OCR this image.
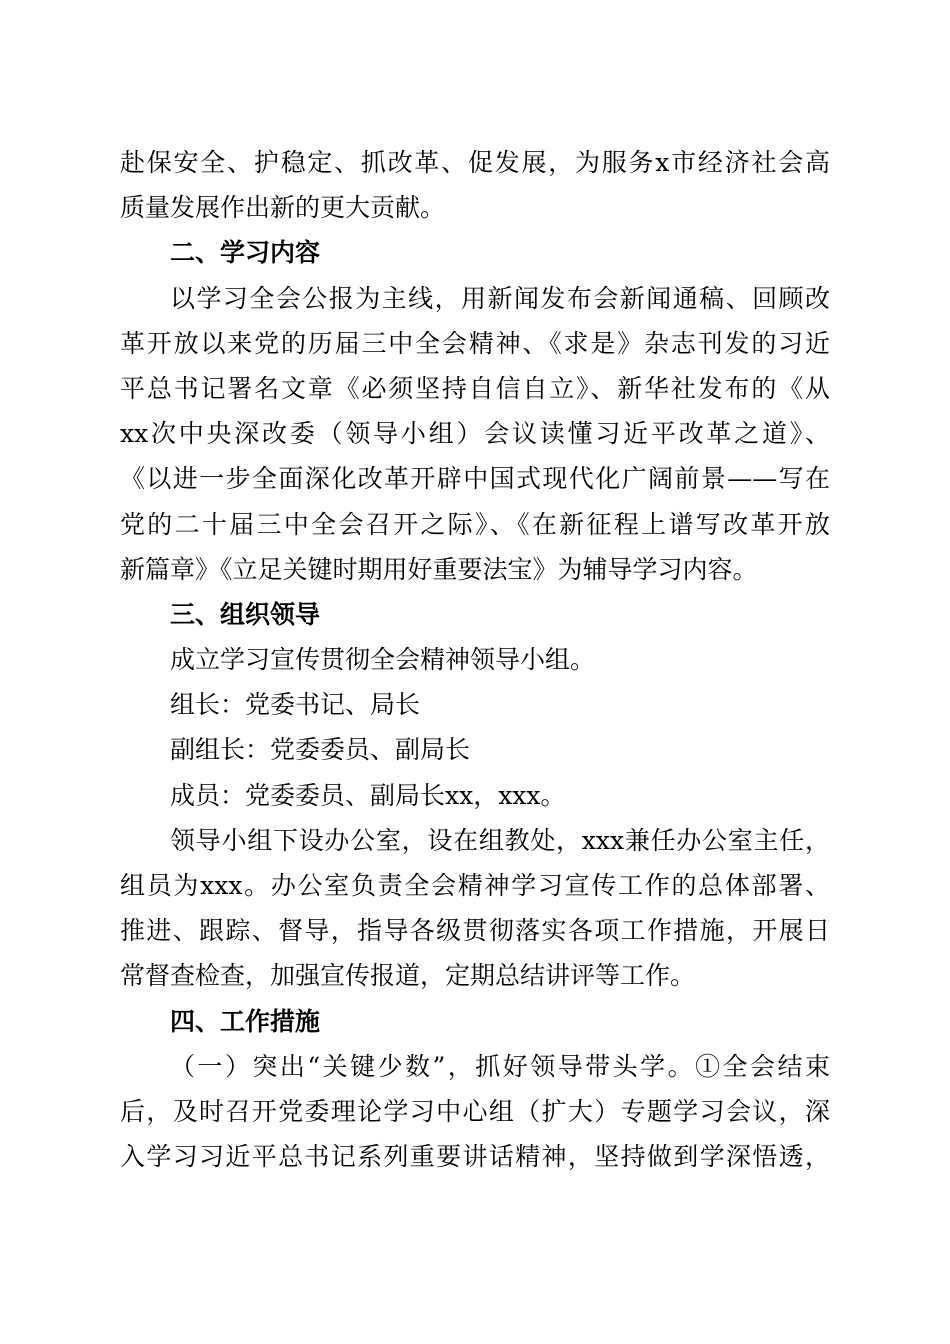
赴保安全、护稳定、抓改革、促发展，为服务x市经济社会高
质量发展作出新的更大贡献。
二、学习内容
以学习全会公报为主线，用新闻发布会新闻通稿、回顾改
革开放以来党的历届三中全会精神、《求是》杂志刊发的习近
平总书记署名文章《必须坚持自信自立》、新华社发布的《从
xx次中央深改委（领导小组）会议读懂习近平改革之道》、
《以进一步全面深化改革开辟中国式现代化广阔前景——写在
党的二十届三中全会召开之际》、《在新征程上谱写改革开放
新篇章》《立足关键时期用好重要法宝》为辅导学习内容。
三、组织领导
成立学习宣传贯彻全会精神领导小组。
组长：党委书记、局长
副组长：党委委员、副局长
成员：党委委员、副局长xx，xxx。
领导小组下设办公室，设在组教处，xxx兼任办公室主任，
组员为xxx。办公室负责全会精神学习宣传工作的总体部署、
推进、跟踪、督导，指导各级贯彻落实各项工作措施，开展日
常督查检查，加强宣传报道，定期总结讲评等工作。
四、工作措施
（一）突出“关键少数”，抓好领导带头学。①全会结束
后，及时召开党委理论学习中心组（扩大）专题学习会议，深
入学习习近平总书记系列重要讲话精神，坚持做到学深悟透，
